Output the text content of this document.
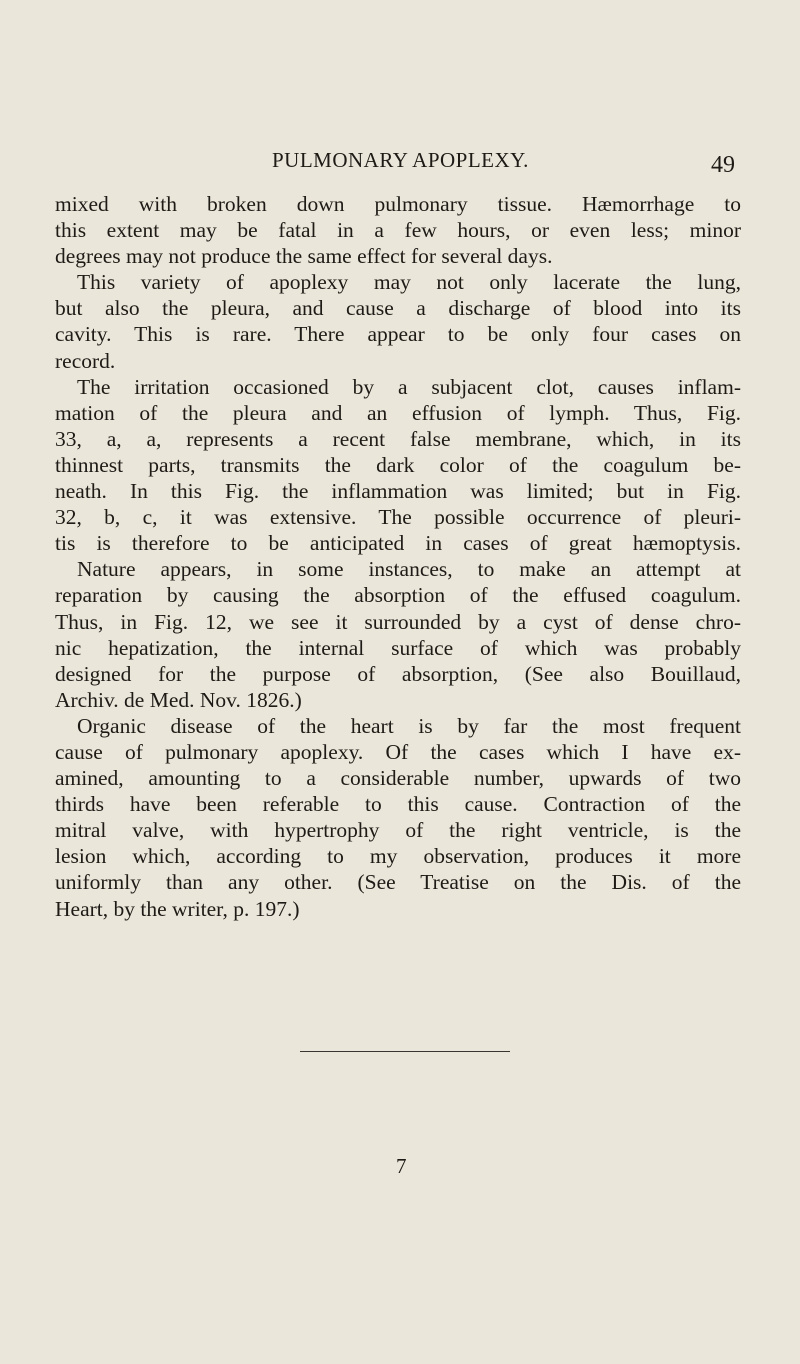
PULMONARY APOPLEXY.	49
mixed with broken down pulmonary tissue. Hæmorrhage to
this extent may be fatal in a few hours, or even less; minor
degrees may not produce the same effect for several days.
This variety of apoplexy may not only lacerate the lung,
but also the pleura, and cause a discharge of blood into its
cavity. This is rare. There appear to be only four cases on
record.
The irritation occasioned by a subjacent clot, causes inflam-
mation of the pleura and an effusion of lymph. Thus, Fig.
33, a, a, represents a recent false membrane, which, in its
thinnest parts, transmits the dark color of the coagulum be-
neath. In this Fig. the inflammation was limited; but in Fig.
32, b, c, it was extensive. The possible occurrence of pleuri-
tis is therefore to be anticipated in cases of great hæmoptysis.
Nature appears, in some instances, to make an attempt at
reparation by causing the absorption of the effused coagulum.
Thus, in Fig. 12, we see it surrounded by a cyst of dense chro-
nic hepatization, the internal surface of which was probably
designed for the purpose of absorption, (See also Bouillaud,
Archiv. de Med. Nov. 1826.)
Organic disease of the heart is by far the most frequent
cause of pulmonary apoplexy. Of the cases which I have ex-
amined, amounting to a considerable number, upwards of two
thirds have been referable to this cause. Contraction of the
mitral valve, with hypertrophy of the right ventricle, is the
lesion which, according to my observation, produces it more
uniformly than any other. (See Treatise on the Dis. of the
Heart, by the writer, p. 197.)
7
